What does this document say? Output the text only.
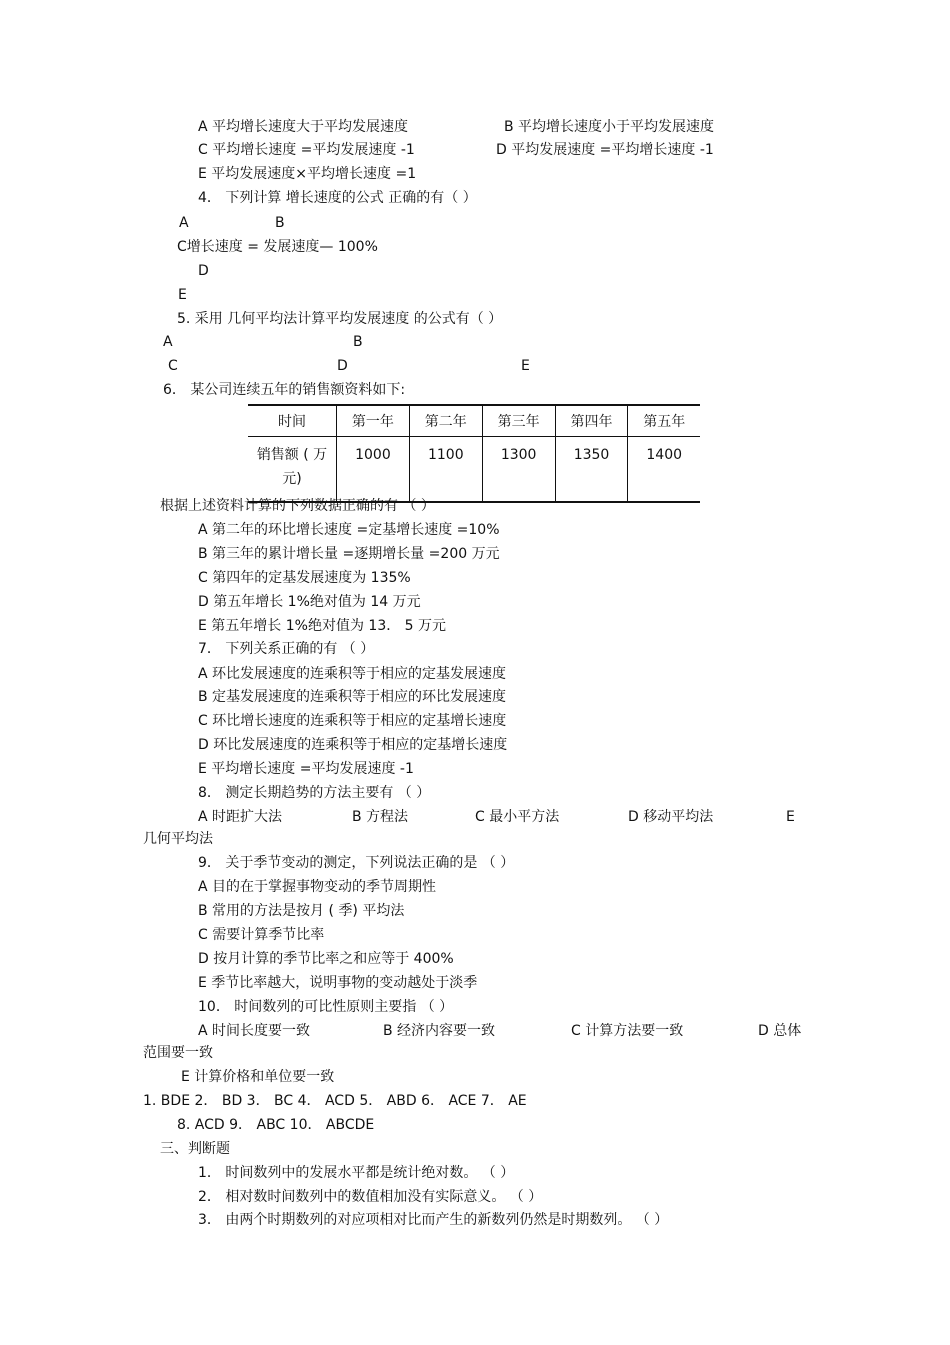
A 平均增长速度大于平均发展速度	B 平均增长速度小于平均发展速度
C 平均增长速度 =平均发展速度 -1	D 平均发展速度 =平均增长速度 -1
E 平均发展速度×平均增长速度 =1
4． 下列计算 增长速度的公式 正确的有（ ）
A	B
C增长速度 = 发展速度— 100%
D
E
5. 采用 几何平均法计算平均发展速度 的公式有（ ）
A	B
C	D	E
6． 某公司连续五年的销售额资料如下:
时间	第一年	第二年	第三年	第四年	第五年
销售额 ( 万
元)	1000	1100	1300	1350	1400
根据上述资料计算的下列数据正确的有 （ ）
A 第二年的环比增长速度 =定基增长速度 =10%
B 第三年的累计增长量 =逐期增长量 =200 万元
C 第四年的定基发展速度为 135%
D 第五年增长 1%绝对值为 14 万元
E 第五年增长 1%绝对值为 13． 5 万元
7． 下列关系正确的有 （ ）
A 环比发展速度的连乘积等于相应的定基发展速度
B 定基发展速度的连乘积等于相应的环比发展速度
C 环比增长速度的连乘积等于相应的定基增长速度
D 环比发展速度的连乘积等于相应的定基增长速度
E 平均增长速度 =平均发展速度 -1
8． 测定长期趋势的方法主要有 （ ）
A 时距扩大法	B 方程法	C 最小平方法	D 移动平均法	E
几何平均法
9． 关于季节变动的测定，下列说法正确的是 （ ）
A 目的在于掌握事物变动的季节周期性
B 常用的方法是按月 ( 季) 平均法
C 需要计算季节比率
D 按月计算的季节比率之和应等于 400%
E 季节比率越大，说明事物的变动越处于淡季
10． 时间数列的可比性原则主要指 （ ）
A 时间长度要一致	B 经济内容要一致	C 计算方法要一致	D 总体
范围要一致
E 计算价格和单位要一致
1. BDE 2． BD 3． BC 4． ACD 5． ABD 6． ACE 7． AE
8. ACD 9． ABC 10． ABCDE
三、判断题
1． 时间数列中的发展水平都是统计绝对数。 （ ）
2． 相对数时间数列中的数值相加没有实际意义。 （ ）
3． 由两个时期数列的对应项相对比而产生的新数列仍然是时期数列。 （ ）
